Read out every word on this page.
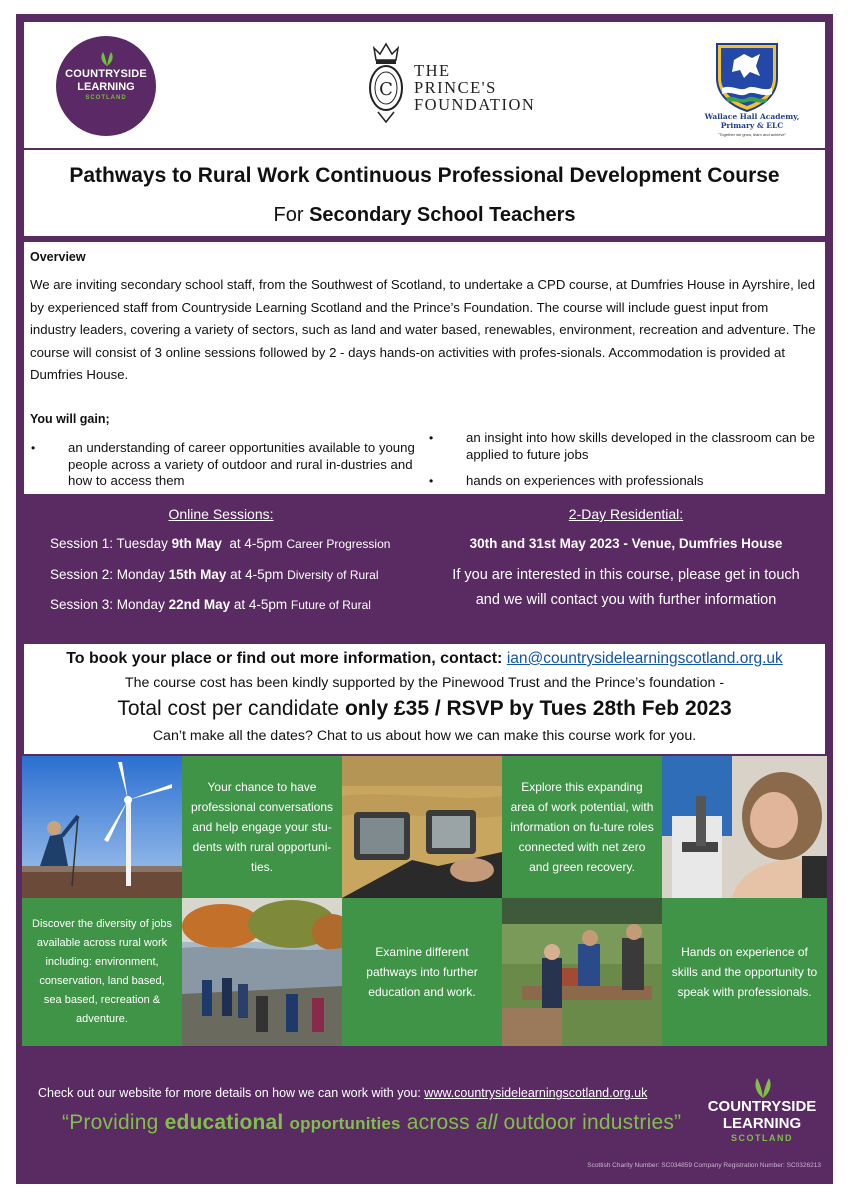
COUNTRYSIDE
LEARNING
SCOTLAND	C
THE
PRINCE'S
FOUNDATION
Wallace Hall Academy,
Primary & ELC
"Together we grow, learn and achieve"
Pathways to Rural Work Continuous Professional Development Course
For Secondary School Teachers
Overview
We are inviting secondary school staff, from the Southwest of Scotland, to undertake a CPD course, at Dumfries House in Ayrshire, led by experienced staff from Countryside Learning Scotland and the Prince’s Foundation. The course will include guest input from industry leaders, covering a variety of sectors, such as land and water based, renewables, environment, recreation and adventure. The course will consist of 3 online sessions followed by 2 - days hands-on activities with profes-sionals. Accommodation is provided at Dumfries House.
You will gain;
• an understanding of career opportunities available to young people across a variety of outdoor and rural in-dustries and how to access them
• an insight into how skills developed in the classroom can be applied to future jobs
• hands on experiences with professionals
Online Sessions:
Session 1: Tuesday 9th May  at 4-5pm Career Progression
Session 2: Monday 15th May at 4-5pm Diversity of Rural
Session 3: Monday 22nd May at 4-5pm Future of Rural
2-Day Residential:
30th and 31st May 2023 - Venue, Dumfries House
If you are interested in this course, please get in touch
and we will contact you with further information
To book your place or find out more information, contact: ian@countrysidelearningscotland.org.uk
The course cost has been kindly supported by the Pinewood Trust and the Prince’s foundation -
Total cost per candidate only £35 / RSVP by Tues 28th Feb 2023
Can’t make all the dates? Chat to us about how we can make this course work for you.
Your chance to have professional conversations and help engage your stu-dents with rural opportuni-ties.
Explore this expanding area of work potential, with information on fu-ture roles connected with net zero and green recovery.
Discover the diversity of jobs available across rural work including: environment, conservation, land based, sea based, recreation & adventure.
Examine different pathways into further education and work.
Hands on experience of skills and the opportunity to speak with professionals.
Check out our website for more details on how we can work with you: www.countrysidelearningscotland.org.uk
“Providing educational opportunities across all outdoor industries”
COUNTRYSIDE
LEARNING
SCOTLAND
Scottish Charity Number: SC034859 Company Registration Number: SC0326213
